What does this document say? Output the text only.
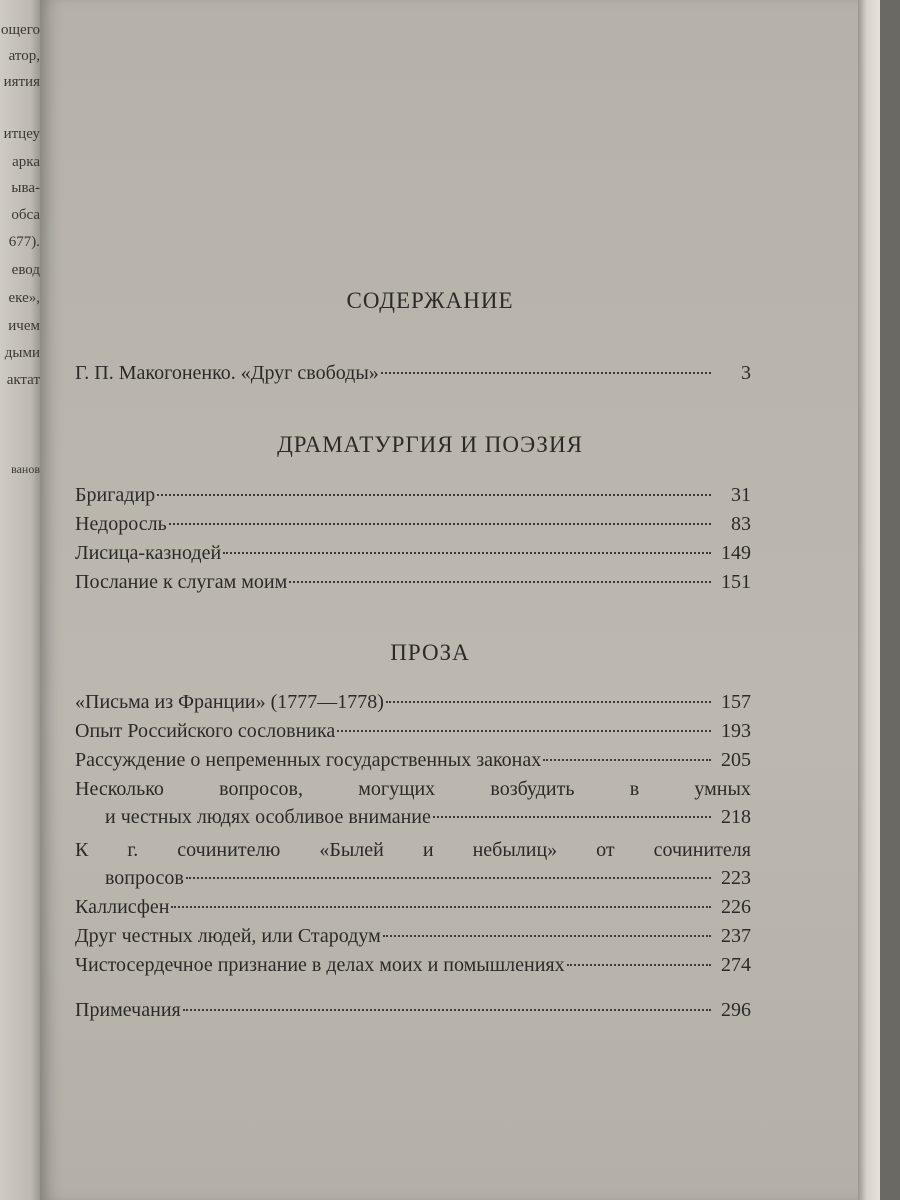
ощего
атор,
иятия
итцеу
арка
ыва-
обса
677).
евод
еке»,
ичем
дыми
актат
ванов
СОДЕРЖАНИЕ
Г. П. Макогоненко. «Друг свободы»	3
ДРАМАТУРГИЯ И ПОЭЗИЯ
Бригадир	31
Недоросль	83
Лисица-казнодей	149
Послание к слугам моим	151
ПРОЗА
«Письма из Франции» (1777—1778)	157
Опыт Российского сословника	193
Рассуждение о непременных государственных законах	205
Несколько	вопросов,	могущих	возбудить	в	умных
и честных людях особливое внимание	218
К г. сочинителю «Былей и небылиц» от сочинителя
вопросов	223
Каллисфен	226
Друг честных людей, или Стародум	237
Чистосердечное признание в делах моих и помышлениях	274
Примечания	296
